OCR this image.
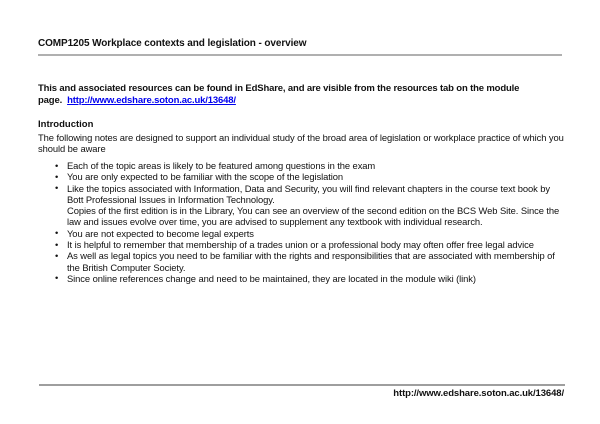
COMP1205 Workplace contexts and legislation - overview
This and associated resources can be found in EdShare, and are visible from the resources tab on the module page. http://www.edshare.soton.ac.uk/13648/
Introduction
The following notes are designed to support an individual study of the broad area of legislation or workplace practice of which you should be aware
• Each of the topic areas is likely to be featured among questions in the exam
• You are only expected to be familiar with the scope of the legislation
• Like the topics associated with Information, Data and Security, you will find relevant chapters in the course text book by Bott Professional Issues in Information Technology.
Copies of the first edition is in the Library, You can see an overview of the second edition on the BCS Web Site. Since the law and issues evolve over time, you are advised to supplement any textbook with individual research.
• You are not expected to become legal experts
• It is helpful to remember that membership of a trades union or a professional body may often offer free legal advice
• As well as legal topics you need to be familiar with the rights and responsibilities that are associated with membership of the British Computer Society.
• Since online references change and need to be maintained, they are located in the module wiki (link)
http://www.edshare.soton.ac.uk/13648/
